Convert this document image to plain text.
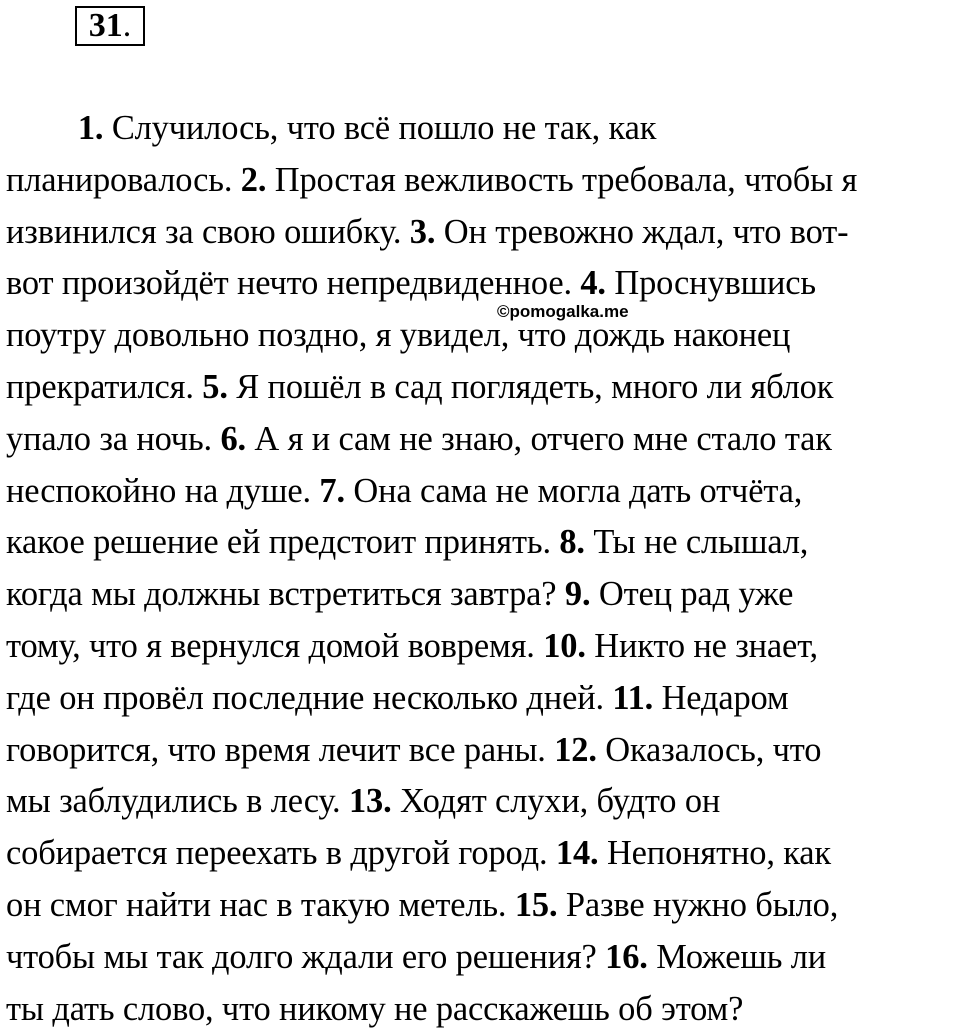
31.
©pomogalka.me
1. Случилось, что всё пошло не так, как
планировалось. 2. Простая вежливость требовала, чтобы я
извинился за свою ошибку. 3. Он тревожно ждал, что вот-
вот произойдёт нечто непредвиденное. 4. Проснувшись
поутру довольно поздно, я увидел, что дождь наконец
прекратился. 5. Я пошёл в сад поглядеть, много ли яблок
упало за ночь. 6. А я и сам не знаю, отчего мне стало так
неспокойно на душе. 7. Она сама не могла дать отчёта,
какое решение ей предстоит принять. 8. Ты не слышал,
когда мы должны встретиться завтра? 9. Отец рад уже
тому, что я вернулся домой вовремя. 10. Никто не знает,
где он провёл последние несколько дней. 11. Недаром
говорится, что время лечит все раны. 12. Оказалось, что
мы заблудились в лесу. 13. Ходят слухи, будто он
собирается переехать в другой город. 14. Непонятно, как
он смог найти нас в такую метель. 15. Разве нужно было,
чтобы мы так долго ждали его решения? 16. Можешь ли
ты дать слово, что никому не расскажешь об этом?
